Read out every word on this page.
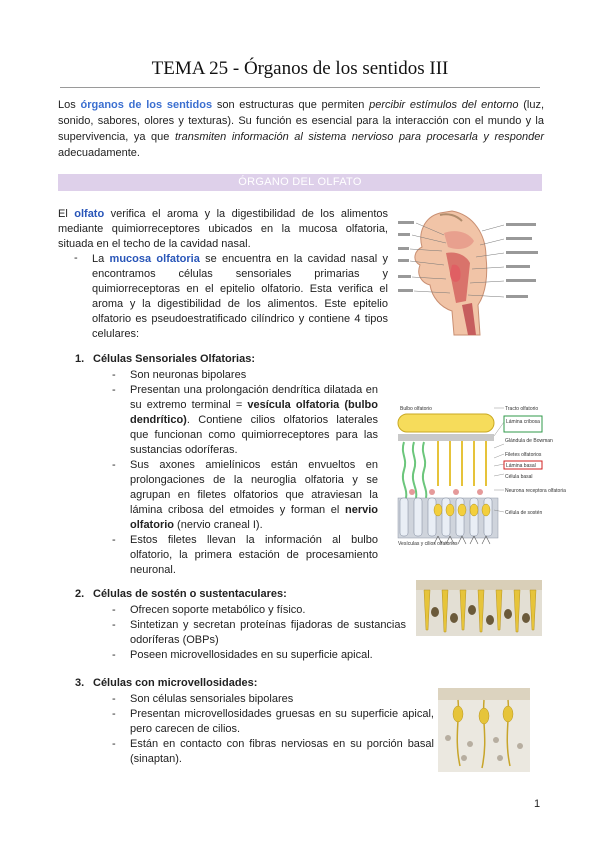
TEMA 25 - Órganos de los sentidos III

Los órganos de los sentidos son estructuras que permiten percibir estímulos del entorno (luz, sonido, sabores, olores y texturas). Su función es esencial para la interacción con el mundo y la supervivencia, ya que transmiten información al sistema nervioso para procesarla y responder adecuadamente.

ÓRGANO DEL OLFATO

El olfato verifica el aroma y la digestibilidad de los alimentos mediante quimiorreceptores ubicados en la mucosa olfatoria, situada en el techo de la cavidad nasal.

- La mucosa olfatoria se encuentra en la cavidad nasal y encontramos células sensoriales primarias y quimiorreceptoras en el epitelio olfatorio. Esta verifica el aroma y la digestibilidad de los alimentos. Este epitelio olfatorio es pseudoestratificado cilíndrico y contiene 4 tipos celulares:

1. Células Sensoriales Olfatorias:
- Son neuronas bipolares
- Presentan una prolongación dendrítica dilatada en su extremo terminal = vesícula olfatoria (bulbo dendrítico). Contiene cilios olfatorios laterales que funcionan como quimiorreceptores para las sustancias odoríferas.
- Sus axones amielínicos están envueltos en prolongaciones de la neuroglia olfatoria y se agrupan en filetes olfatorios que atraviesan la lámina cribosa del etmoides y forman el nervio olfatorio (nervio craneal I).
- Estos filetes llevan la información al bulbo olfatorio, la primera estación de procesamiento neuronal.
2. Células de sostén o sustentaculares:
- Ofrecen soporte metabólico y físico.
- Sintetizan y secretan proteínas fijadoras de sustancias odoríferas (OBPs)
- Poseen microvellosidades en su superficie apical.
3. Células con microvellosidades:
- Son células sensoriales bipolares
- Presentan microvellosidades gruesas en su superficie apical, pero carecen de cilios.
- Están en contacto con fibras nerviosas en su porción basal (sinaptan).
Bulbo olfatorio	Tracto olfatorio
Lámina cribosa
Glándula de Bowman
Filetes olfatorios
Lámina basal
Célula basal
Neurona receptora olfatoria
Célula de sostén
Vesículas y cilios olfatorios
1
